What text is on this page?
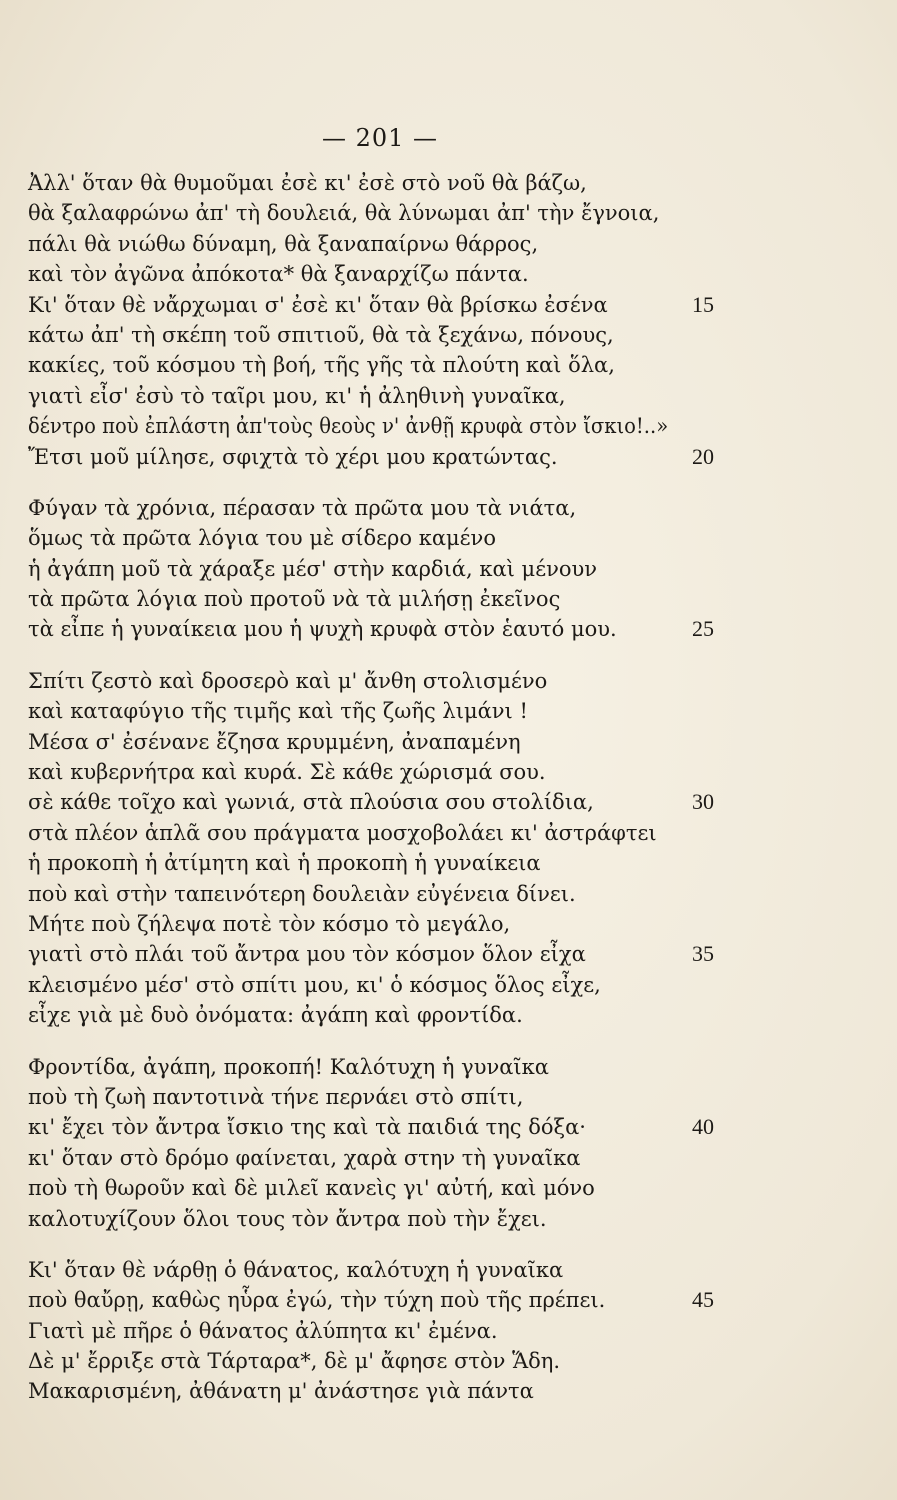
— 201 —
Ἀλλ' ὅταν θὰ θυμοῦμαι ἐσὲ κι' ἐσὲ στὸ νοῦ θὰ βάζω,
θὰ ξαλαφρώνω ἀπ' τὴ δουλειά, θὰ λύνωμαι ἀπ' τὴν ἔγνοια,
πάλι θὰ νιώθω δύναμη, θὰ ξαναπαίρνω θάρρος,
καὶ τὸν ἀγῶνα ἀπόκοτα* θὰ ξαναρχίζω πάντα.
Κι' ὅταν θὲ νἄρχωμαι σ' ἐσὲ κι' ὅταν θὰ βρίσκω ἐσένα	15
κάτω ἀπ' τὴ σκέπη τοῦ σπιτιοῦ, θὰ τὰ ξεχάνω, πόνους,
κακίες, τοῦ κόσμου τὴ βοή, τῆς γῆς τὰ πλούτη καὶ ὅλα,
γιατὶ εἶσ' ἐσὺ τὸ ταῖρι μου, κι' ἡ ἀληθινὴ γυναῖκα,
δέντρο ποὺ ἐπλάστη ἀπ'τοὺς θεοὺς ν' ἀνθῇ κρυφὰ στὸν ἴσκιο!..»
Ἔτσι μοῦ μίλησε, σφιχτὰ τὸ χέρι μου κρατώντας.	20
Φύγαν τὰ χρόνια, πέρασαν τὰ πρῶτα μου τὰ νιάτα,
ὅμως τὰ πρῶτα λόγια του μὲ σίδερο καμένο
ἡ ἀγάπη μοῦ τὰ χάραξε μέσ' στὴν καρδιά, καὶ μένουν
τὰ πρῶτα λόγια ποὺ προτοῦ νὰ τὰ μιλήσῃ ἐκεῖνος
τὰ εἶπε ἡ γυναίκεια μου ἡ ψυχὴ κρυφὰ στὸν ἑαυτό μου.	25
Σπίτι ζεστὸ καὶ δροσερὸ καὶ μ' ἄνθη στολισμένο
καὶ καταφύγιο τῆς τιμῆς καὶ τῆς ζωῆς λιμάνι !
Μέσα σ' ἐσένανε ἔζησα κρυμμένη, ἀναπαμένη
καὶ κυβερνήτρα καὶ κυρά. Σὲ κάθε χώρισμά σου.
σὲ κάθε τοῖχο καὶ γωνιά, στὰ πλούσια σου στολίδια,	30
στὰ πλέον ἁπλᾶ σου πράγματα μοσχοβολάει κι' ἀστράφτει
ἡ προκοπὴ ἡ ἀτίμητη καὶ ἡ προκοπὴ ἡ γυναίκεια
ποὺ καὶ στὴν ταπεινότερη δουλειὰν εὐγένεια δίνει.
Μήτε ποὺ ζήλεψα ποτὲ τὸν κόσμο τὸ μεγάλο,
γιατὶ στὸ πλάι τοῦ ἄντρα μου τὸν κόσμον ὅλον εἶχα	35
κλεισμένο μέσ' στὸ σπίτι μου, κι' ὁ κόσμος ὅλος εἶχε,
εἶχε γιὰ μὲ δυὸ ὀνόματα: ἀγάπη καὶ φροντίδα.
Φροντίδα, ἀγάπη, προκοπή! Καλότυχη ἡ γυναῖκα
ποὺ τὴ ζωὴ παντοτινὰ τήνε περνάει στὸ σπίτι,
κι' ἔχει τὸν ἄντρα ἴσκιο της καὶ τὰ παιδιά της δόξα·	40
κι' ὅταν στὸ δρόμο φαίνεται, χαρὰ στην τὴ γυναῖκα
ποὺ τὴ θωροῦν καὶ δὲ μιλεῖ κανεὶς γι' αὐτή, καὶ μόνο
καλοτυχίζουν ὅλοι τους τὸν ἄντρα ποὺ τὴν ἔχει.
Κι' ὅταν θὲ νάρθῃ ὁ θάνατος, καλότυχη ἡ γυναῖκα
ποὺ θαὔρῃ, καθὼς ηὗρα ἐγώ, τὴν τύχη ποὺ τῆς πρέπει.	45
Γιατὶ μὲ πῆρε ὁ θάνατος ἀλύπητα κι' ἐμένα.
Δὲ μ' ἔρριξε στὰ Τάρταρα*, δὲ μ' ἄφησε στὸν Ἅδη.
Μακαρισμένη, ἀθάνατη μ' ἀνάστησε γιὰ πάντα
